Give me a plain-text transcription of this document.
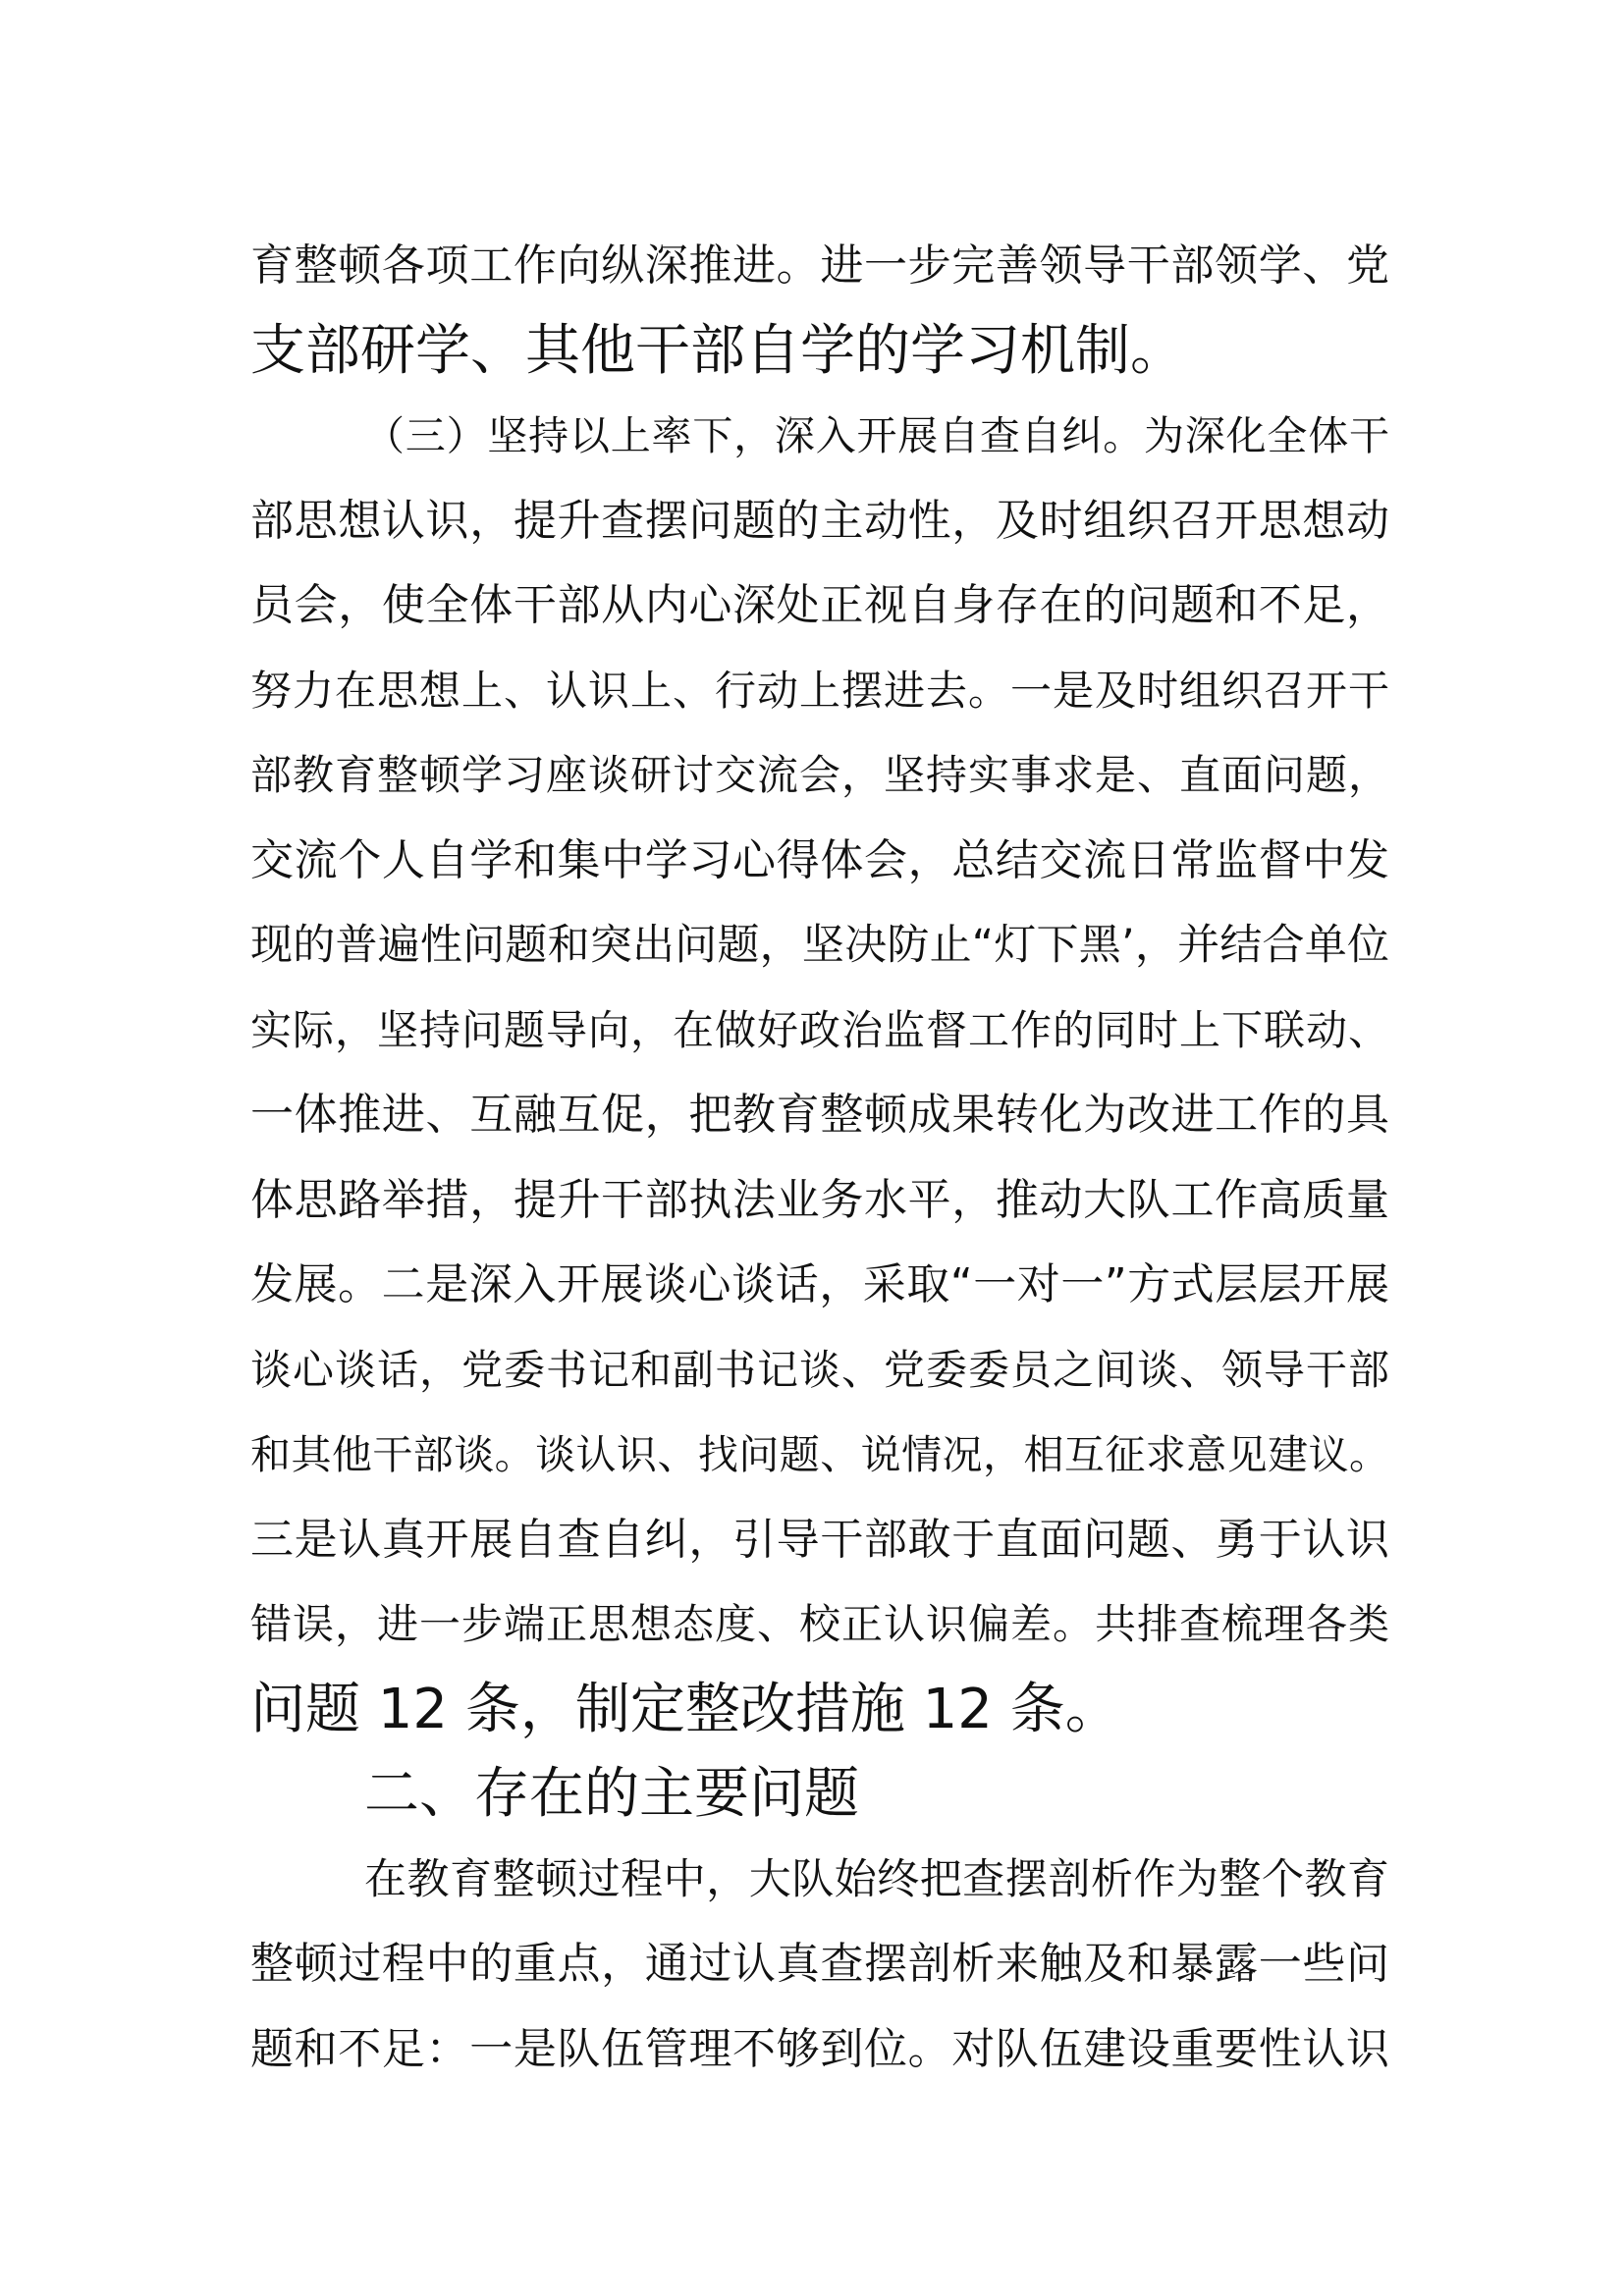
育整顿各项工作向纵深推进。进一步完善领导干部领学、党
支部研学、其他干部自学的学习机制。
（三）坚持以上率下，深入开展自查自纠。为深化全体干
部思想认识，提升查摆问题的主动性，及时组织召开思想动
员会，使全体干部从内心深处正视自身存在的问题和不足，
努力在思想上、认识上、行动上摆进去。一是及时组织召开干
部教育整顿学习座谈研讨交流会，坚持实事求是、直面问题，
交流个人自学和集中学习心得体会，总结交流日常监督中发
现的普遍性问题和突出问题，坚决防止“灯下黑’，并结合单位
实际，坚持问题导向，在做好政治监督工作的同时上下联动、
一体推进、互融互促，把教育整顿成果转化为改进工作的具
体思路举措，提升干部执法业务水平，推动大队工作高质量
发展。二是深入开展谈心谈话，采取“一对一”方式层层开展
谈心谈话，党委书记和副书记谈、党委委员之间谈、领导干部
和其他干部谈。谈认识、找问题、说情况，相互征求意见建议。
三是认真开展自查自纠，引导干部敢于直面问题、勇于认识
错误，进一步端正思想态度、校正认识偏差。共排查梳理各类
问题 12 条，制定整改措施 12 条。
二、存在的主要问题
在教育整顿过程中，大队始终把查摆剖析作为整个教育
整顿过程中的重点，通过认真查摆剖析来触及和暴露一些问
题和不足：一是队伍管理不够到位。对队伍建设重要性认识
